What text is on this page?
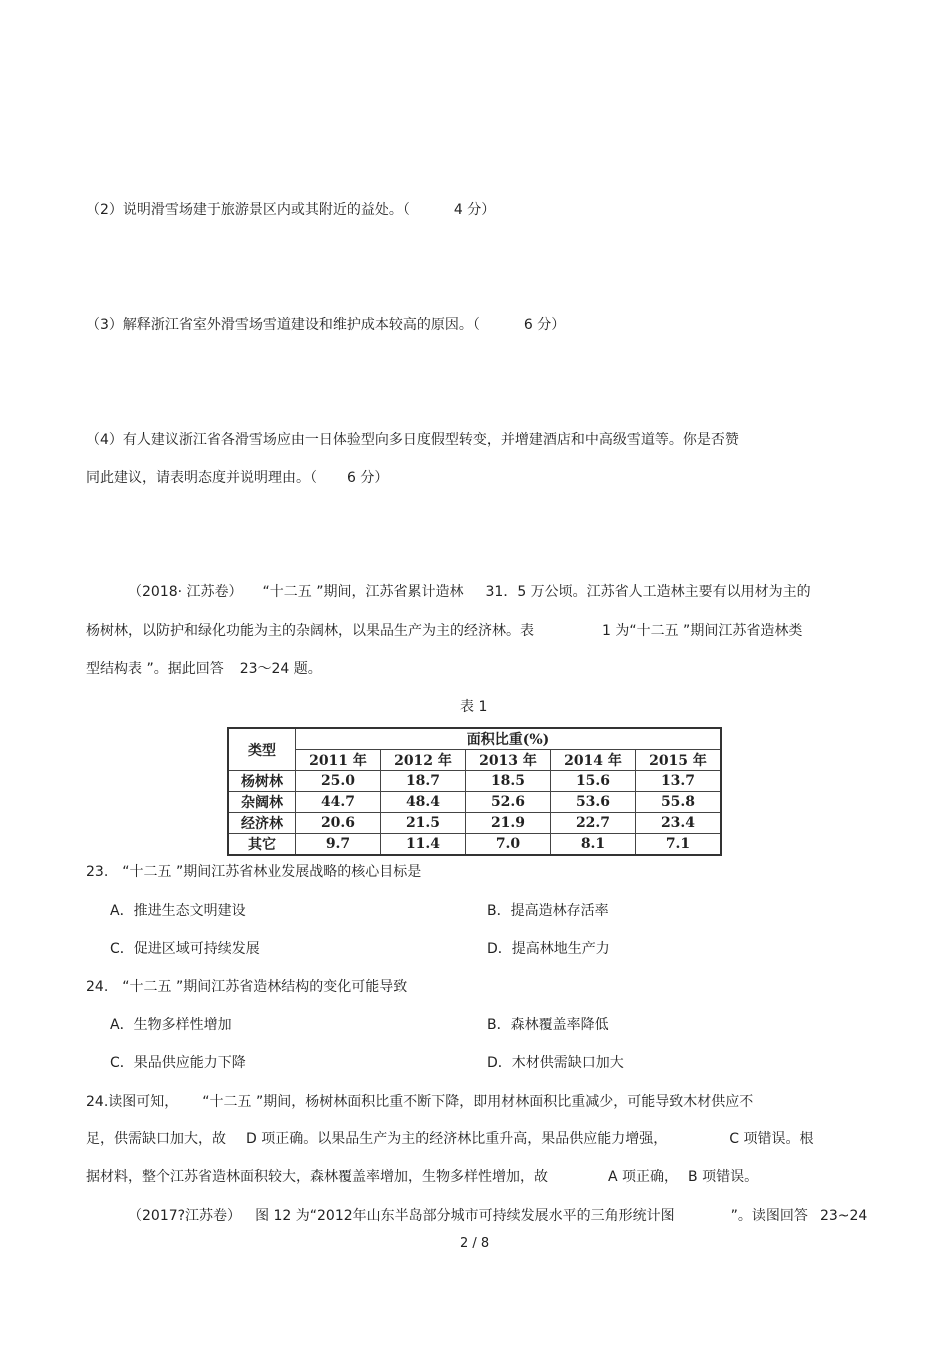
（2）说明滑雪场建于旅游景区内或其附近的益处。（	4 分）
（3）解释浙江省室外滑雪场雪道建设和维护成本较高的原因。（	6 分）
（4）有人建议浙江省各滑雪场应由一日体验型向多日度假型转变，并增建酒店和中高级雪道等。你是否赞
同此建议，请表明态度并说明理由。（ 6 分）
（2018· 江苏卷） “十二五 ”期间，江苏省累计造林 31．5 万公顷。江苏省人工造林主要有以用材为主的
杨树林，以防护和绿化功能为主的杂阔林，以果品生产为主的经济林。表	1 为“十二五 ”期间江苏省造林类
型结构表 ”。据此回答 23～24 题。
表 1
类型	面积比重(%)				
	2011 年	2012 年	2013 年	2014 年	2015 年
杨树林	25.0	18.7	18.5	15.6	13.7
杂阔林	44.7	48.4	52.6	53.6	55.8
经济林	20.6	21.5	21.9	22.7	23.4
其它	9.7	11.4	7.0	8.1	7.1
23. “十二五 ”期间江苏省林业发展战略的核心目标是
A．推进生态文明建设	B．提高造林存活率
C．促进区域可持续发展	D．提高林地生产力
24. “十二五 ”期间江苏省造林结构的变化可能导致
A．生物多样性增加	B．森林覆盖率降低
C．果品供应能力下降	D．木材供需缺口加大
24.读图可知， “十二五 ”期间，杨树林面积比重不断下降，即用材林面积比重减少，可能导致木材供应不
足，供需缺口加大，故 D 项正确。以果品生产为主的经济林比重升高，果品供应能力增强，	C 项错误。根
据材料，整个江苏省造林面积较大，森林覆盖率增加，生物多样性增加，故	A 项正确， B 项错误。
（2017?江苏卷） 图 12 为“2012年山东半岛部分城市可持续发展水平的三角形统计图	”。读图回答 23~24
2 / 8
